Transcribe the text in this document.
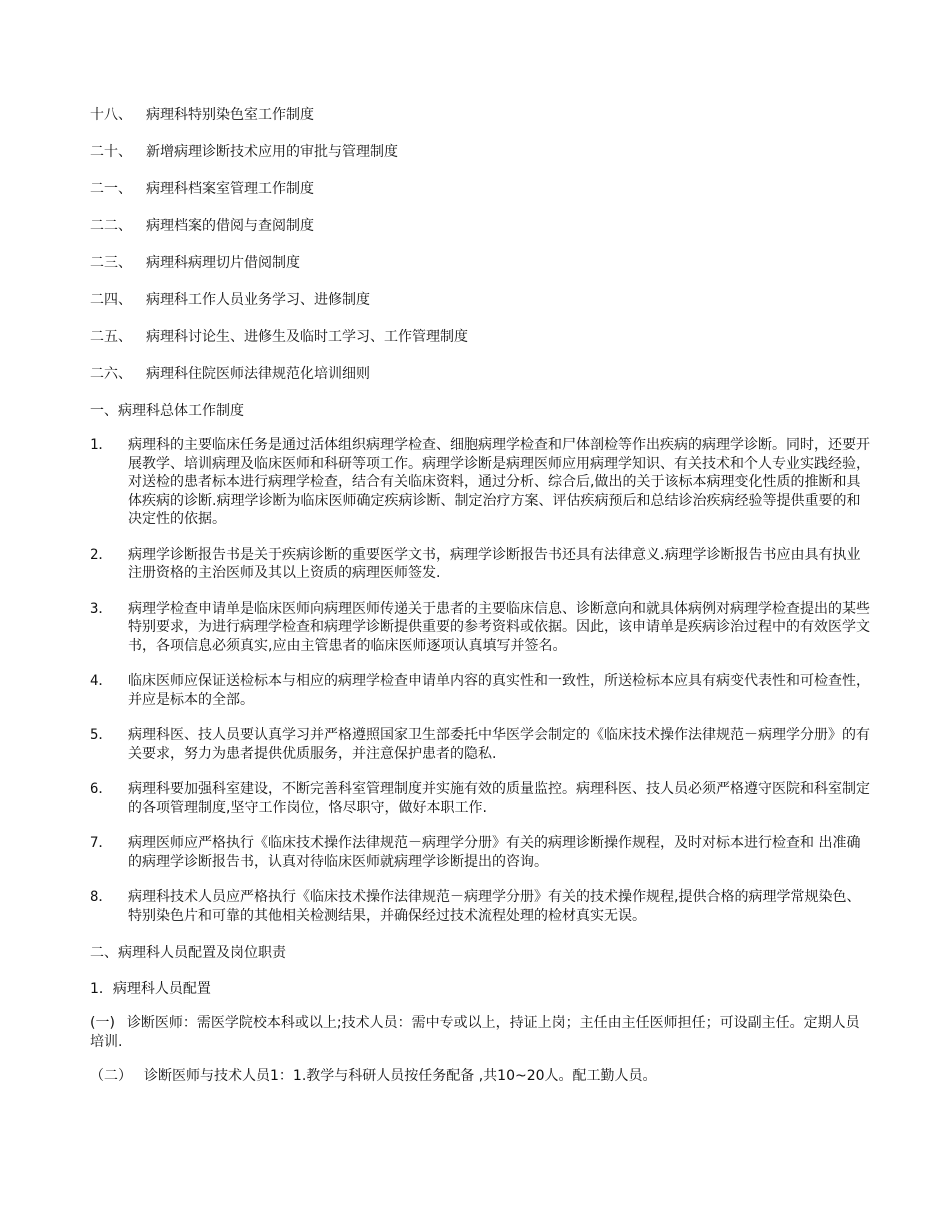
十八、 病理科特别染色室工作制度
二十、 新增病理诊断技术应用的审批与管理制度
二一、 病理科档案室管理工作制度
二二、 病理档案的借阅与查阅制度
二三、 病理科病理切片借阅制度
二四、 病理科工作人员业务学习、进修制度
二五、 病理科讨论生、进修生及临时工学习、工作管理制度
二六、 病理科住院医师法律规范化培训细则
一、病理科总体工作制度
1． 病理科的主要临床任务是通过活体组织病理学检查、细胞病理学检查和尸体剖检等作出疾病的病理学诊断。同时，还要开展教学、培训病理及临床医师和科研等项工作。病理学诊断是病理医师应用病理学知识、有关技术和个人专业实践经验，对送检的患者标本进行病理学检查，结合有关临床资料，通过分析、综合后,做出的关于该标本病理变化性质的推断和具体疾病的诊断.病理学诊断为临床医师确定疾病诊断、制定治疗方案、评估疾病预后和总结诊治疾病经验等提供重要的和决定性的依据。
2． 病理学诊断报告书是关于疾病诊断的重要医学文书，病理学诊断报告书还具有法律意义.病理学诊断报告书应由具有执业注册资格的主治医师及其以上资质的病理医师签发.
3． 病理学检查申请单是临床医师向病理医师传递关于患者的主要临床信息、诊断意向和就具体病例对病理学检查提出的某些特别要求，为进行病理学检查和病理学诊断提供重要的参考资料或依据。因此，该申请单是疾病诊治过程中的有效医学文书，各项信息必须真实,应由主管患者的临床医师逐项认真填写并签名。
4． 临床医师应保证送检标本与相应的病理学检查申请单内容的真实性和一致性，所送检标本应具有病变代表性和可检查性，并应是标本的全部。
5． 病理科医、技人员要认真学习并严格遵照国家卫生部委托中华医学会制定的《临床技术操作法律规范－病理学分册》的有关要求，努力为患者提供优质服务，并注意保护患者的隐私.
6． 病理科要加强科室建设，不断完善科室管理制度并实施有效的质量监控。病理科医、技人员必须严格遵守医院和科室制定的各项管理制度,坚守工作岗位，恪尽职守，做好本职工作.
7． 病理医师应严格执行《临床技术操作法律规范－病理学分册》有关的病理诊断操作规程，及时对标本进行检查和 出准确的病理学诊断报告书，认真对待临床医师就病理学诊断提出的咨询。
8． 病理科技术人员应严格执行《临床技术操作法律规范－病理学分册》有关的技术操作规程,提供合格的病理学常规染色、特别染色片和可靠的其他相关检测结果，并确保经过技术流程处理的检材真实无误。
二、病理科人员配置及岗位职责
1．病理科人员配置
(一) 诊断医师：需医学院校本科或以上;技术人员：需中专或以上，持证上岗；主任由主任医师担任；可设副主任。定期人员培训.
（二） 诊断医师与技术人员1：1.教学与科研人员按任务配备 ,共10~20人。配工勤人员。
